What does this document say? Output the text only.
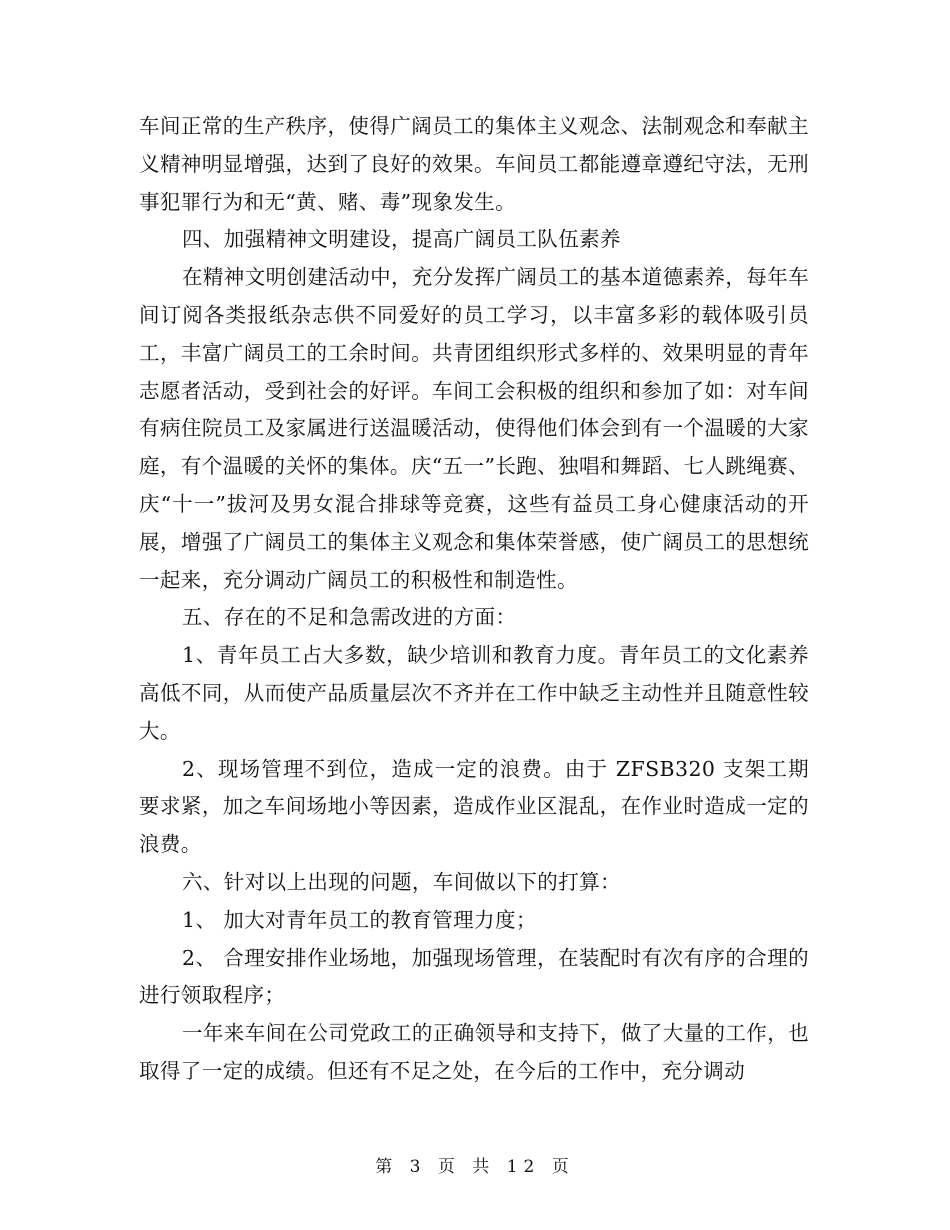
车间正常的生产秩序，使得广阔员工的集体主义观念、法制观念和奉献主义精神明显增强，达到了良好的效果。车间员工都能遵章遵纪守法，无刑事犯罪行为和无“黄、赌、毒”现象发生。

四、加强精神文明建设，提高广阔员工队伍素养

在精神文明创建活动中，充分发挥广阔员工的基本道德素养，每年车间订阅各类报纸杂志供不同爱好的员工学习，以丰富多彩的载体吸引员工，丰富广阔员工的工余时间。共青团组织形式多样的、效果明显的青年志愿者活动，受到社会的好评。车间工会积极的组织和参加了如：对车间有病住院员工及家属进行送温暖活动，使得他们体会到有一个温暖的大家庭，有个温暖的关怀的集体。庆“五一”长跑、独唱和舞蹈、七人跳绳赛、庆“十一”拔河及男女混合排球等竞赛，这些有益员工身心健康活动的开展，增强了广阔员工的集体主义观念和集体荣誉感，使广阔员工的思想统一起来，充分调动广阔员工的积极性和制造性。

五、存在的不足和急需改进的方面：

1、青年员工占大多数，缺少培训和教育力度。青年员工的文化素养高低不同，从而使产品质量层次不齐并在工作中缺乏主动性并且随意性较大。

2、现场管理不到位，造成一定的浪费。由于 ZFSB320 支架工期要求紧，加之车间场地小等因素，造成作业区混乱，在作业时造成一定的浪费。

六、针对以上出现的问题，车间做以下的打算：

1、 加大对青年员工的教育管理力度；

2、 合理安排作业场地，加强现场管理，在装配时有次有序的合理的进行领取程序；

一年来车间在公司党政工的正确领导和支持下，做了大量的工作，也取得了一定的成绩。但还有不足之处，在今后的工作中，充分调动

第 3 页 共 12 页
